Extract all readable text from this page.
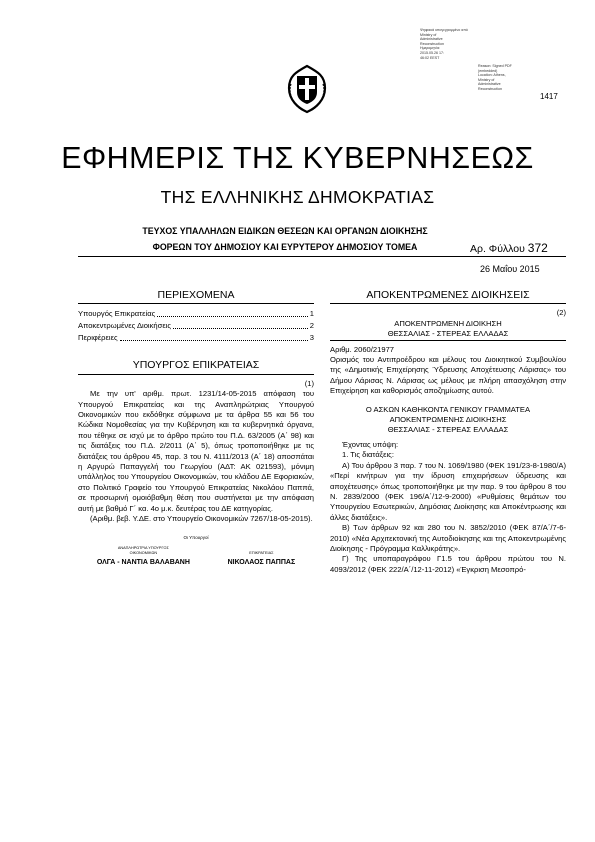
Ψηφιακά υπογεγραμμένο από
Ministry of
Administrative
Reconstruction
Ημερομηνία:
2015.05.26 17:
46:02 EEST
Reason: Signed PDF
(embedded)
Location: Athens,
Ministry of
Administrative
Reconstruction
1417
ΕΦΗΜΕΡΙΣ ΤΗΣ ΚΥΒΕΡΝΗΣΕΩΣ
ΤΗΣ ΕΛΛΗΝΙΚΗΣ ΔΗΜΟΚΡΑΤΙΑΣ
ΤΕΥΧΟΣ ΥΠΑΛΛΗΛΩΝ ΕΙΔΙΚΩΝ ΘΕΣΕΩΝ ΚΑΙ ΟΡΓΑΝΩΝ ΔΙΟΙΚΗΣΗΣ
ΦΟΡΕΩΝ ΤΟΥ ΔΗΜΟΣΙΟΥ ΚΑΙ ΕΥΡΥΤΕΡΟΥ ΔΗΜΟΣΙΟΥ ΤΟΜΕΑ	Αρ. Φύλλου 372
26 Μαΐου 2015
ΠΕΡΙΕΧΟΜΕΝΑ
Υπουργός Επικρατείας	1
Αποκεντρωμένες Διοικήσεις	2
Περιφέρειες	3
ΥΠΟΥΡΓΟΣ ΕΠΙΚΡΑΤΕΙΑΣ
(1)

Με την υπ' αριθμ. πρωτ. 1231/14-05-2015 απόφαση του Υπουργού Επικρατείας και της Αναπληρώτριας Υπουργού Οικονομικών που εκδόθηκε σύμφωνα με τα άρθρα 55 και 56 του Κώδικα Νομοθεσίας για την Κυβέρνηση και τα κυβερνητικά όργανα, που τέθηκε σε ισχύ με το άρθρο πρώτο του Π.Δ. 63/2005 (Α΄ 98) και τις διατάξεις του Π.Δ. 2/2011 (Α΄ 5), όπως τροποποιήθηκε με τις διατάξεις του άρθρου 45, παρ. 3 του Ν. 4111/2013 (Α΄ 18) αποσπάται η Αργυρώ Παπαγγελή του Γεωργίου (ΑΔΤ: ΑΚ 021593), μόνιμη υπάλληλος του Υπουργείου Οικονομικών, του κλάδου ΔΕ Εφοριακών, στο Πολιτικό Γραφείο του Υπουργού Επικρατείας Νικολάου Παππά, σε προσωρινή ομοιόβαθμη θέση που συστήνεται με την απόφαση αυτή με βαθμό Γ΄ κα. 4ο μ.κ. δευτέρας του ΔΕ κατηγορίας.

(Αριθμ. βεβ. Υ.ΔΕ. στο Υπουργείο Οικονομικών 7267/18-05-2015).

Οι Υπουργοί
ΑΝΑΠΛΗΡΩΤΡΙΑ ΥΠΟΥΡΓΟΣ ΟΙΚΟΝΟΜΙΚΩΝ
ΟΛΓΑ - ΝΑΝΤΙΑ ΒΑΛΑΒΑΝΗ
ΕΠΙΚΡΑΤΕΙΑΣ
ΝΙΚΟΛΑΟΣ ΠΑΠΠΑΣ
ΑΠΟΚΕΝΤΡΩΜΕΝΕΣ ΔΙΟΙΚΗΣΕΙΣ
(2)
ΑΠΟΚΕΝΤΡΩΜΕΝΗ ΔΙΟΙΚΗΣΗ
ΘΕΣΣΑΛΙΑΣ - ΣΤΕΡΕΑΣ ΕΛΛΑΔΑΣ
Αριθμ. 2060/21977

Ορισμός του Αντιπροέδρου και μέλους του Διοικητικού Συμβουλίου της «Δημοτικής Επιχείρησης Ύδρευσης Αποχέτευσης Λάρισας» του Δήμου Λάρισας Ν. Λάρισας ως μέλους με πλήρη απασχόληση στην Επιχείρηση και καθορισμός αποζημίωσης αυτού.

Ο ΑΣΚΩΝ ΚΑΘΗΚΟΝΤΑ ΓΕΝΙΚΟΥ ΓΡΑΜΜΑΤΕΑ
ΑΠΟΚΕΝΤΡΩΜΕΝΗΣ ΔΙΟΙΚΗΣΗΣ
ΘΕΣΣΑΛΙΑΣ - ΣΤΕΡΕΑΣ ΕΛΛΑΔΑΣ

Έχοντας υπόψη:

1. Τις διατάξεις:

Α) Του άρθρου 3 παρ. 7 του Ν. 1069/1980 (ΦΕΚ 191/23-8-1980/Α) «Περί κινήτρων για την ίδρυση επιχειρήσεων ύδρευσης και αποχέτευσης» όπως τροποποιήθηκε με την παρ. 9 του άρθρου 8 του Ν. 2839/2000 (ΦΕΚ 196/Α΄/12-9-2000) «Ρυθμίσεις θεμάτων του Υπουργείου Εσωτερικών, Δημόσιας Διοίκησης και Αποκέντρωσης και άλλες διατάξεις».

Β) Των άρθρων 92 και 280 του Ν. 3852/2010 (ΦΕΚ 87/Α΄/7-6-2010) «Νέα Αρχιτεκτονική της Αυτοδιοίκησης και της Αποκεντρωμένης Διοίκησης - Πρόγραμμα Καλλικράτης».

Γ) Της υποπαραγράφου Γ1.5 του άρθρου πρώτου του Ν. 4093/2012 (ΦΕΚ 222/Α΄/12-11-2012) «Έγκριση Μεσοπρό-
